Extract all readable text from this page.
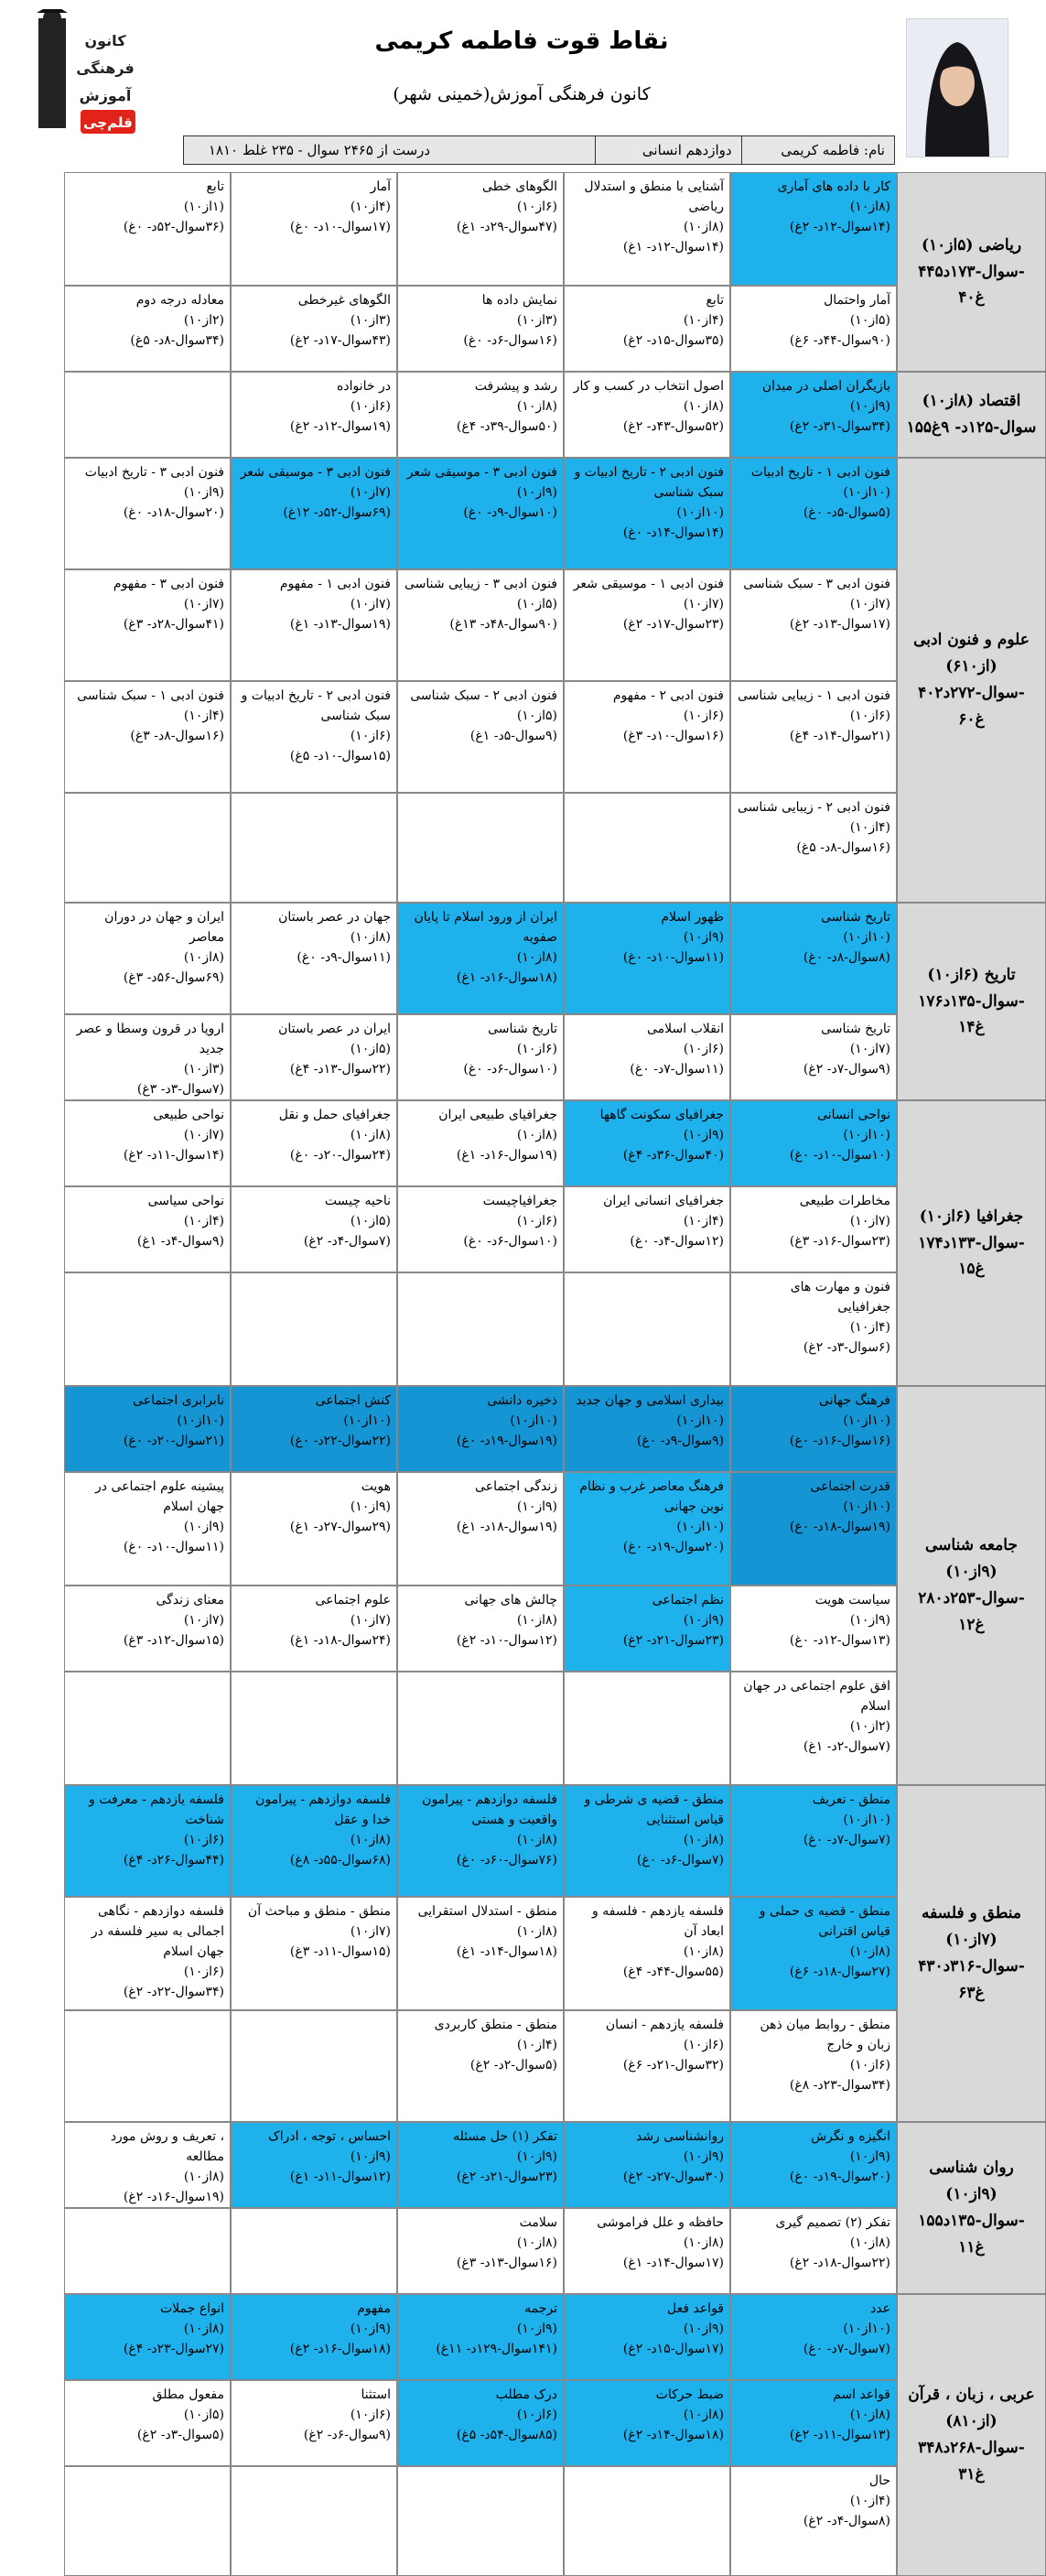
کانون
فرهنگی
آموزش
قلم‌چی
نقاط قوت فاطمه کریمی
کانون فرهنگی آموزش(خمینی شهر)
نام: فاطمه کریمی
دوازدهم انسانی
۱۸۱۰ درست از ۲۴۶۵ سوال - ۲۳۵ غلط
ریاضی (۵از۱۰)
۴۴۵سوال-۱۷۳د-
۴۰غ
کار با داده های آماری
(۸از۱۰)
(۱۴سوال-۱۲د- ۲غ)
آشنایی با منطق و استدلال ریاضی
(۸از۱۰)
(۱۴سوال-۱۲د- ۱غ)
الگوهای خطی
(۶از۱۰)
(۴۷سوال-۲۹د- ۱غ)
آمار
(۴از۱۰)
(۱۷سوال-۱۰د- ۰غ)
تابع
(۱از۱۰)
(۳۶سوال-۵۲د- ۰غ)
آمار واحتمال
(۵از۱۰)
(۹۰سوال-۴۴د- ۶غ)
تابع
(۴از۱۰)
(۳۵سوال-۱۵د- ۲غ)
نمایش داده ها
(۳از۱۰)
(۱۶سوال-۶د- ۰غ)
الگوهای غیرخطی
(۳از۱۰)
(۴۳سوال-۱۷د- ۲غ)
معادله درجه دوم
(۲از۱۰)
(۳۴سوال-۸د- ۵غ)
اقتصاد (۸از۱۰)
۱۵۵سوال-۱۲۵د- ۹غ
بازیگران اصلی در میدان
(۹از۱۰)
(۳۴سوال-۳۱د- ۲غ)
اصول انتخاب در کسب و کار
(۸از۱۰)
(۵۲سوال-۴۳د- ۲غ)
رشد و پیشرفت
(۸از۱۰)
(۵۰سوال-۳۹د- ۴غ)
در خانواده
(۶از۱۰)
(۱۹سوال-۱۲د- ۲غ)
علوم و فنون ادبی
(۶از۱۰)
۴۰۲سوال-۲۷۲د-
۶۰غ
فنون ادبی ۱ - تاریخ ادبیات
(۱۰از۱۰)
(۵سوال-۵د- ۰غ)
فنون ادبی ۲ - تاریخ ادبیات و سبک شناسی
(۱۰از۱۰)
(۱۴سوال-۱۴د- ۰غ)
فنون ادبی ۳ - موسیقی شعر
(۹از۱۰)
(۱۰سوال-۹د- ۰غ)
فنون ادبی ۳ - موسیقی شعر
(۷از۱۰)
(۶۹سوال-۵۲د- ۱۲غ)
فنون ادبی ۳ - تاریخ ادبیات
(۹از۱۰)
(۲۰سوال-۱۸د- ۰غ)
فنون ادبی ۳ - سبک شناسی
(۷از۱۰)
(۱۷سوال-۱۳د- ۲غ)
فنون ادبی ۱ - موسیقی شعر
(۷از۱۰)
(۲۳سوال-۱۷د- ۲غ)
فنون ادبی ۳ - زیبایی شناسی
(۵از۱۰)
(۹۰سوال-۴۸د- ۱۳غ)
فنون ادبی ۱ - مفهوم
(۷از۱۰)
(۱۹سوال-۱۳د- ۱غ)
فنون ادبی ۳ - مفهوم
(۷از۱۰)
(۴۱سوال-۲۸د- ۳غ)
فنون ادبی ۱ - زیبایی شناسی
(۶از۱۰)
(۲۱سوال-۱۴د- ۴غ)
فنون ادبی ۲ - مفهوم
(۶از۱۰)
(۱۶سوال-۱۰د- ۳غ)
فنون ادبی ۲ - سبک شناسی
(۵از۱۰)
(۹سوال-۵د- ۱غ)
فنون ادبی ۲ - تاریخ ادبیات و سبک شناسی
(۶از۱۰)
(۱۵سوال-۱۰د- ۵غ)
فنون ادبی ۱ - سبک شناسی
(۴از۱۰)
(۱۶سوال-۸د- ۳غ)
فنون ادبی ۲ - زیبایی شناسی
(۴از۱۰)
(۱۶سوال-۸د- ۵غ)
تاریخ (۶از۱۰)
۱۷۶سوال-۱۳۵د-
۱۴غ
تاریخ شناسی
(۱۰از۱۰)
(۸سوال-۸د- ۰غ)
ظهور اسلام
(۹از۱۰)
(۱۱سوال-۱۰د- ۰غ)
ایران از ورود اسلام تا پایان صفویه
(۸از۱۰)
(۱۸سوال-۱۶د- ۱غ)
جهان در عصر باستان
(۸از۱۰)
(۱۱سوال-۹د- ۰غ)
ایران و جهان در دوران معاصر
(۸از۱۰)
(۶۹سوال-۵۶د- ۳غ)
تاریخ شناسی
(۷از۱۰)
(۹سوال-۷د- ۲غ)
انقلاب اسلامی
(۶از۱۰)
(۱۱سوال-۷د- ۰غ)
تاریخ شناسی
(۶از۱۰)
(۱۰سوال-۶د- ۰غ)
ایران در عصر باستان
(۵از۱۰)
(۲۲سوال-۱۳د- ۴غ)
اروپا در قرون وسطا و عصر جدید
(۳از۱۰)
(۷سوال-۳د- ۳غ)
جغرافیا (۶از۱۰)
۱۷۴سوال-۱۳۳د-
۱۵غ
نواحی انسانی
(۱۰از۱۰)
(۱۰سوال-۱۰د- ۰غ)
جغرافیای سکونت گاهها
(۹از۱۰)
(۴۰سوال-۳۶د- ۴غ)
جغرافیای طبیعی ایران
(۸از۱۰)
(۱۹سوال-۱۶د- ۱غ)
جغرافیای حمل و نقل
(۸از۱۰)
(۲۴سوال-۲۰د- ۰غ)
نواحی طبیعی
(۷از۱۰)
(۱۴سوال-۱۱د- ۲غ)
مخاطرات طبیعی
(۷از۱۰)
(۲۳سوال-۱۶د- ۳غ)
جغرافیای انسانی ایران
(۴از۱۰)
(۱۲سوال-۴د- ۰غ)
جغرافیاچیست
(۶از۱۰)
(۱۰سوال-۶د- ۰غ)
ناحیه چیست
(۵از۱۰)
(۷سوال-۴د- ۲غ)
نواحی سیاسی
(۴از۱۰)
(۹سوال-۴د- ۱غ)
فنون و مهارت های جغرافیایی
(۴از۱۰)
(۶سوال-۳د- ۲غ)
جامعه شناسی (۹از۱۰)
۲۸۰سوال-۲۵۳د-
۱۲غ
فرهنگ جهانی
(۱۰از۱۰)
(۱۶سوال-۱۶د- ۰غ)
بیداری اسلامی و جهان جدید
(۱۰از۱۰)
(۹سوال-۹د- ۰غ)
ذخیره دانشی
(۱۰از۱۰)
(۱۹سوال-۱۹د- ۰غ)
کنش اجتماعی
(۱۰از۱۰)
(۲۲سوال-۲۲د- ۰غ)
نابرابری اجتماعی
(۱۰از۱۰)
(۲۱سوال-۲۰د- ۰غ)
قدرت اجتماعی
(۱۰از۱۰)
(۱۹سوال-۱۸د- ۰غ)
فرهنگ معاصر غرب و نظام نوین جهانی
(۱۰از۱۰)
(۲۰سوال-۱۹د- ۰غ)
زندگی اجتماعی
(۹از۱۰)
(۱۹سوال-۱۸د- ۱غ)
هویت
(۹از۱۰)
(۲۹سوال-۲۷د- ۱غ)
پیشینه علوم اجتماعی در جهان اسلام
(۹از۱۰)
(۱۱سوال-۱۰د- ۰غ)
سیاست هویت
(۹از۱۰)
(۱۳سوال-۱۲د- ۰غ)
نظم اجتماعی
(۹از۱۰)
(۲۳سوال-۲۱د- ۲غ)
چالش های جهانی
(۸از۱۰)
(۱۲سوال-۱۰د- ۲غ)
علوم اجتماعی
(۷از۱۰)
(۲۴سوال-۱۸د- ۱غ)
معنای زندگی
(۷از۱۰)
(۱۵سوال-۱۲د- ۳غ)
افق علوم اجتماعی در جهان اسلام
(۲از۱۰)
(۷سوال-۲د- ۱غ)
منطق و فلسفه (۷از۱۰)
۴۳۰سوال-۳۱۶د-
۶۳غ
منطق - تعریف
(۱۰از۱۰)
(۷سوال-۷د- ۰غ)
منطق - قضیه ی شرطی و قیاس استثنایی
(۸از۱۰)
(۷سوال-۶د- ۰غ)
فلسفه دوازدهم - پیرامون واقعیت و هستی
(۸از۱۰)
(۷۶سوال-۶۰د- ۰غ)
فلسفه دوازدهم - پیرامون خدا و عقل
(۸از۱۰)
(۶۸سوال-۵۵د- ۸غ)
فلسفه یازدهم - معرفت و شناخت
(۶از۱۰)
(۴۴سوال-۲۶د- ۴غ)
منطق - قضیه ی حملی و قیاس اقترانی
(۸از۱۰)
(۲۷سوال-۱۸د- ۶غ)
فلسفه یازدهم - فلسفه و ابعاد آن
(۸از۱۰)
(۵۵سوال-۴۴د- ۴غ)
منطق - استدلال استقرایی
(۸از۱۰)
(۱۸سوال-۱۴د- ۱غ)
منطق - منطق و مباحث آن
(۷از۱۰)
(۱۵سوال-۱۱د- ۳غ)
فلسفه دوازدهم - نگاهی اجمالی به سیر فلسفه در جهان اسلام
(۶از۱۰)
(۳۴سوال-۲۲د- ۲غ)
منطق - روابط میان ذهن زبان و خارج
(۶از۱۰)
(۳۴سوال-۲۳د- ۸غ)
فلسفه یازدهم - انسان
(۶از۱۰)
(۳۲سوال-۲۱د- ۶غ)
منطق - منطق کاربردی
(۴از۱۰)
(۵سوال-۲د- ۲غ)
روان شناسی (۹از۱۰)
۱۵۵سوال-۱۳۵د-
۱۱غ
انگیزه و نگرش
(۹از۱۰)
(۲۰سوال-۱۹د- ۰غ)
روانشناسی رشد
(۹از۱۰)
(۳۰سوال-۲۷د- ۲غ)
تفکر (۱) حل مسئله
(۹از۱۰)
(۲۳سوال-۲۱د- ۲غ)
احساس ، توجه ، ادراک
(۹از۱۰)
(۱۲سوال-۱۱د- ۱غ)
، تعریف و روش مورد مطالعه
(۸از۱۰)
(۱۹سوال-۱۶د- ۲غ)
تفکر (۲) تصمیم گیری
(۸از۱۰)
(۲۲سوال-۱۸د- ۲غ)
حافظه و علل فراموشی
(۸از۱۰)
(۱۷سوال-۱۴د- ۱غ)
سلامت
(۸از۱۰)
(۱۶سوال-۱۳د- ۳غ)
عربی ، زبان ، قرآن
(۸از۱۰)
۳۴۸سوال-۲۶۸د-
۳۱غ
عدد
(۱۰از۱۰)
(۷سوال-۷د- ۰غ)
قواعد فعل
(۹از۱۰)
(۱۷سوال-۱۵د- ۲غ)
ترجمه
(۹از۱۰)
(۱۴۱سوال-۱۲۹د- ۱۱غ)
مفهوم
(۹از۱۰)
(۱۸سوال-۱۶د- ۲غ)
انواع جملات
(۸از۱۰)
(۲۷سوال-۲۳د- ۴غ)
قواعد اسم
(۸از۱۰)
(۱۳سوال-۱۱د- ۲غ)
ضبط حرکات
(۸از۱۰)
(۱۸سوال-۱۴د- ۲غ)
درک مطلب
(۶از۱۰)
(۸۵سوال-۵۴د- ۵غ)
استثنا
(۶از۱۰)
(۹سوال-۶د- ۲غ)
مفعول مطلق
(۵از۱۰)
(۵سوال-۳د- ۲غ)
حال
(۴از۱۰)
(۸سوال-۴د- ۲غ)
